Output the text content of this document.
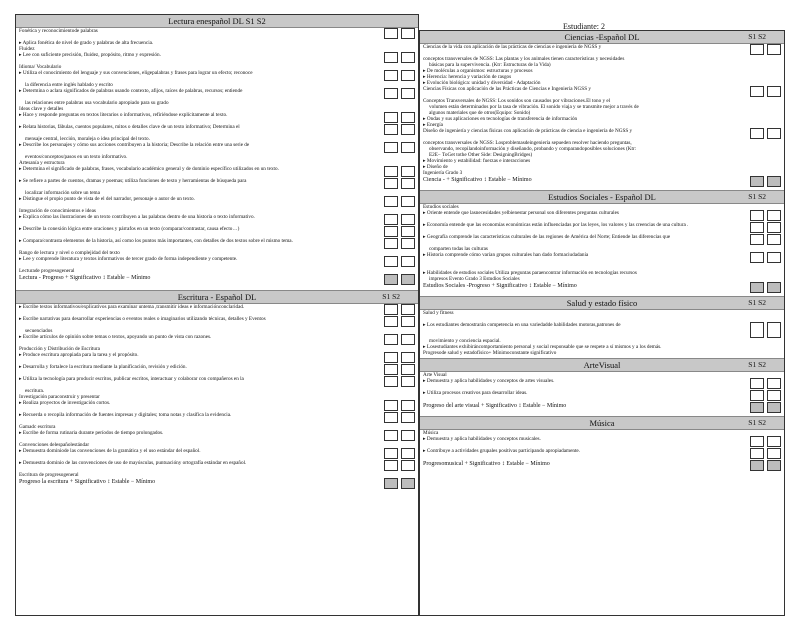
Lectura enespañol DL S1 S2
Fonética y reconocimientode palabras
▸ Aplica fonética de nivel de grado y palabras de alta frecuencia.
Fluidez
▸ Lee con suficiente precisión, fluidez, propósito, ritmo y expresión.
Idioma/ Vocabulario
▸ Utiliza el conocimiento del lenguaje y sus convenciones, eligepalabras y frases para lograr un efecto; reconoce
la diferencia entre inglés hablado y escrito
▸ Determina o aclara significados de palabras usando contexto, afijos, raíces de palabras, recursos; entiende
las relaciones entre palabras usa vocabulario apropiado para su grado
Ideas clave y detalles
▸ Hace y responde preguntas en textos literarios o informativos, refiriéndose explícitamente al texto.
▸ Relata historias, fábulas, cuentos populares, mitos o detalles clave de un texto informativo; Determina el
mensaje central, lección, moraleja o idea principal del texto.
▸ Describe los personajes y cómo sus acciones contribuyen a la historia; Describe la relación entre una serie de
eventos/conceptos/pasos en un texto informativo.
Artesanía y estructura
▸ Determina el significado de palabras, frases, vocabulario académico general y de dominio específico utilizados en un texto.
▸ Se refiere a partes de cuentos, dramas y poemas; utiliza funciones de texto y herramientas de búsqueda para
localizar información sobre un tema
▸ Distingue el propio punto de vista de el del narrador, personaje o autor de un texto.
Integración de conocimientos e ideas
▸ Explica cómo las ilustraciones de un texto contribuyen a las palabras dentro de una historia o texto informativo.
▸ Describe la conexión lógica entre oraciones y párrafos en un texto (comparar/contrastar, causa efecto…)
▸ Compara/contrasta elementos de la historia, así como los puntos más importantes, con detalles de dos textos sobre el mismo tema.
Rango de lectura y nivel o complejidad del texto
▸ Lee y comprende literatura y textos informativos de tercer grado de forma independiente y competente.
Lecturade progresogeneral
Lectura - Progreso + Significativo ↕ Estable − Mínimo
Escritura - Español DL	S1 S2
▸ Escribe textos informativos/explicativos para examinar untema ,transmitir ideas e informaciónconclaridad.
▸ Escribe narrativas para desarrollar experiencias o eventos reales o imaginarios utilizando técnicas, detalles y Eventos
secuenciados
▸ Escribe artículos de opinión sobre temas o textos, apoyando un punto de vista con razones.
Producción y Distribución de Escritura
▸ Produce escritura apropiada para la tarea y el propósito.
▸ Desarrolla y fortalece la escritura mediante la planificación, revisión y edición.
▸ Utiliza la tecnología para producir escritos, publicar escritos, interactuar y colaborar con compañeros en la
escritura.
Investigación paraconstruir y presentar
▸ Realiza proyectos de investigación cortos.
▸ Recuerda o recopila información de fuentes impresas y digitales; toma notas y clasifica la evidencia.
Gamadc escritura
▸ Escribe de forma rutinaria durante períodos de tiempo prolongados.
Convenciones delespañolestándar
▸ Demuestra dominiode las convenciones de la gramática y el uso estándar del español.
▸ Demuestra dominio de las convenciones de uso de mayúsculas, puntuacióny ortografía estándar en español.
Escritura de progresogeneral
Progreso la escritura + Significativo ↕ Estable − Mínimo
Estudiante: 2
Ciencias -Español DL	S1 S2
Ciencias de la vida con aplicación de las prácticas de ciencias e ingeniería de NGSS y
conceptos transversales de NGSS: Las plantas y los animales tienen características y necesidades
básicas para la supervivencia. (Ktr: Estructuras de la Vida)
▸ De moléculas a organismos: estructuras y procesos
▸ Herencia: herencia y variación de rasgos
▸ Evolución biológica: unidad y diversidad - Adaptación
Ciencias Físicas con aplicación de las Prácticas de Ciencias e Ingeniería NGSS y
Conceptos Transversales de NGSS: Los sonidos son causados por vibraciones.El tono y el
volumen están determinados por la tasa de vibración. El sonido viaja y se transmite mejor a través de
algunos materiales que de otros(Equipo: Sonido)
▸ Ondas y sus aplicaciones en tecnologías de transferencia de información
▸ Energía
Diseño de ingeniería y ciencias físicas con aplicación de prácticas de ciencia e ingeniería de NGSS y
conceptos transversales de NGSS: Losproblemasdeingeniería sepueden resolver haciendo preguntas,
observando, recopilandoinformación y diseñando, probando y comparandoposibles soluciones (Ktr:
E2E− ToGet tothe Other Side: DesigningBridges)
▸ Movimiento y estabilidad: fuerzas e interacciones
▸ Diseño de
Ingeniería Grado 3
Ciencia - + Significativo ↕ Estable − Mínimo
Estudios Sociales - Español DL	S1 S2
Estudios sociales
▸ Oriente entende que lasnecesidades yelbienestar personal son diferentes preguntas culturales
▸ Economía entende que las economías económicas están influenciadas por las leyes, los valores y las creencias de una cultura .
▸ Geografía comprende las características culturales de las regiones de América del Norte; Entiende las diferencias que
comparten todas las culturas
▸ Historia comprende cómo varían grupos culturales han dado formaciudadanía
▸ Habilidades de estudios sociales Utiliza preguntas paraencontrar información en tecnologías recursos
impresos Evento Grado 3 Estudios Sociales
Estudios Sociales -Progreso + Significativo ↕ Estable − Mínimo
Salud y estado físico	S1 S2
Salud y fitness
▸ Los estudiantes demostrarán competencia en una variedadde habilidades motoras,patrones de
movimiento y conciencia espacial.
▸ Losestudiantes exhibiráncomportamiento personal y social responsable que se respete a sí mismos y a los demás.
Progresode salud y estadofísico+ Mínimoconstante significativo
ArteVisual	S1 S2
Arte Visual
▸ Demuestra y aplica habilidades y conceptos de artes visuales.
▸ Utiliza procesos creativos para desarrollar ideas.
Progreso del arte visual + Significativo ↕ Estable − Mínimo
Música	S1 S2
Música
▸ Demuestra y aplica habilidades y conceptos musicales.
▸ Contribuye a actividades grupales positivas participando apropiadamente.
Progresomusical + Significativo ↕ Estable − Mínimo
